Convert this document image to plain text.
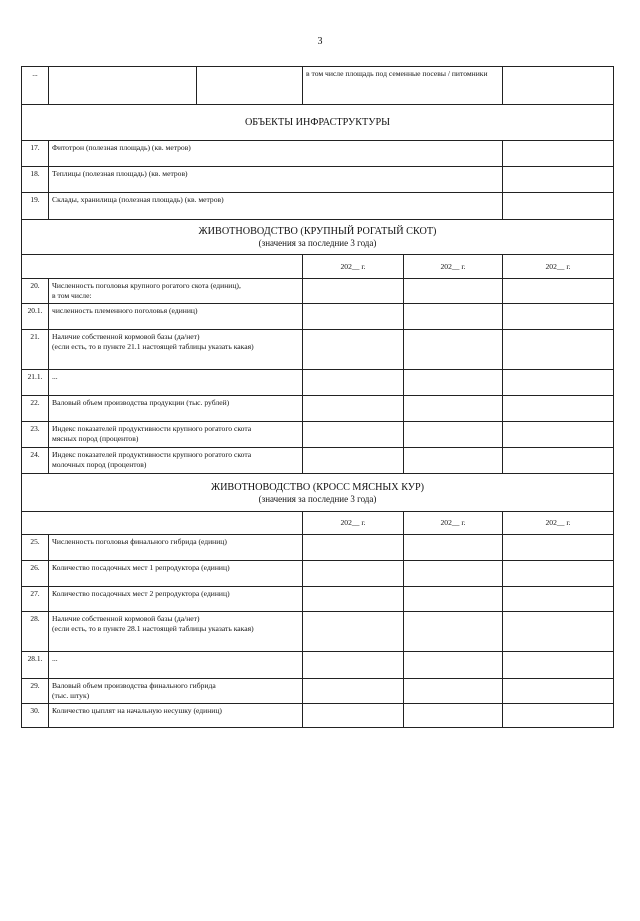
3
...			в том числе площадь под семенные посевы / питомники		
ОБЪЕКТЫ ИНФРАСТРУКТУРЫ					
17.	Фитотрон (полезная площадь) (кв. метров)				
18.	Теплицы (полезная площадь) (кв. метров)				
19.	Склады, хранилища (полезная площадь) (кв. метров)				

ЖИВОТНОВОДСТВО (КРУПНЫЙ РОГАТЫЙ СКОТ)
(значения за последние 3 года)					

			202__ г.	202__ г.	202__ г.
20.	Численность поголовья крупного рогатого скота (единиц),
в том числе:				

20.1.	численность племенного поголовья (единиц)				
21.	Наличие собственной кормовой базы (да/нет)
(если есть, то в пункте 21.1 настоящей таблицы указать какая)				

21.1.	...				
22.	Валовый объем производства продукции (тыс. рублей)				
23.	Индекс показателей продуктивности крупного рогатого скота
мясных пород (процентов)				

24.	Индекс показателей продуктивности крупного рогатого скота
молочных пород (процентов)				

ЖИВОТНОВОДСТВО (КРОСС МЯСНЫХ КУР)
(значения за последние 3 года)					

			202__ г.	202__ г.	202__ г.
25.	Численность поголовья финального гибрида (единиц)				
26.	Количество посадочных мест 1 репродуктора (единиц)				
27.	Количество посадочных мест 2 репродуктора (единиц)				
28.	Наличие собственной кормовой базы (да/нет)
(если есть, то в пункте 28.1 настоящей таблицы указать какая)				

28.1.	...				
29.	Валовый объем производства финального гибрида
(тыс. штук)				

30.	Количество цыплят на начальную несушку (единиц)				
